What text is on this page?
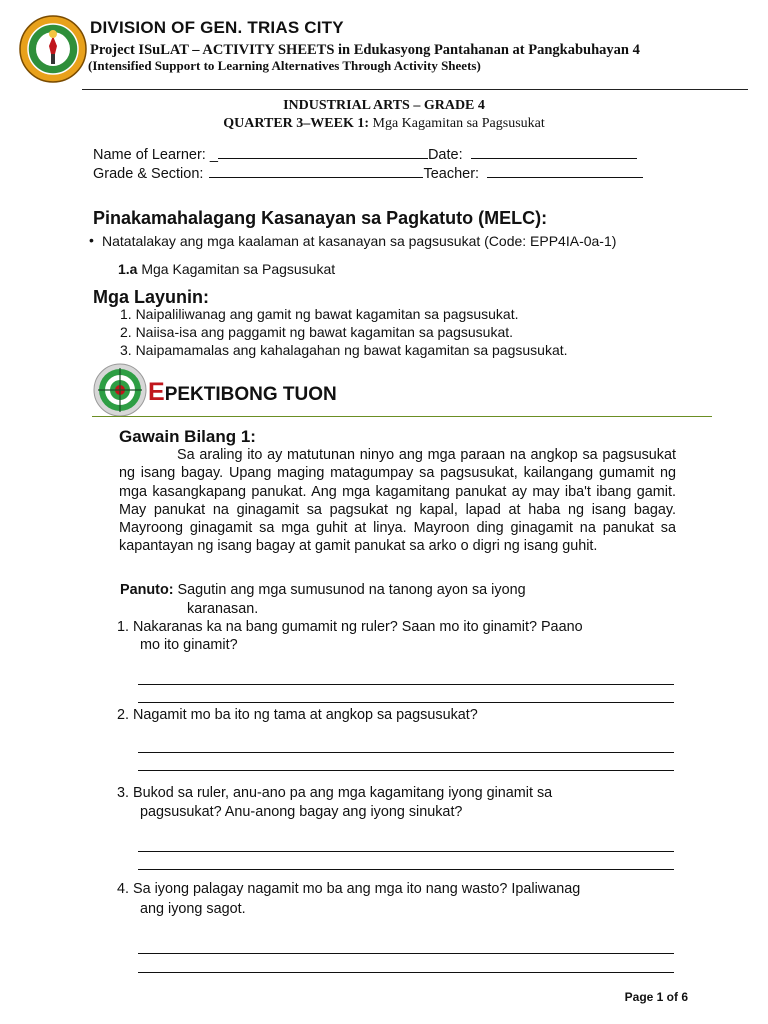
DIVISION OF GEN. TRIAS CITY
Project ISuLAT – ACTIVITY SHEETS in Edukasyong Pantahanan at Pangkabuhayan 4
(Intensified Support to Learning Alternatives Through Activity Sheets)
INDUSTRIAL ARTS – GRADE 4
QUARTER 3–WEEK 1: Mga Kagamitan sa Pagsusukat
Name of Learner: _	Date:
Grade & Section:	Teacher:
Pinakamahalagang Kasanayan sa Pagkatuto (MELC):
• Natatalakay ang mga kaalaman at kasanayan sa pagsusukat (Code: EPP4IA-0a-1)
1.a Mga Kagamitan sa Pagsusukat
Mga Layunin:
1. Naipaliliwanag ang gamit ng bawat kagamitan sa pagsusukat.
2. Naiisa-isa ang paggamit ng bawat kagamitan sa pagsusukat.
3. Naipamamalas ang kahalagahan ng bawat kagamitan sa pagsusukat.
EPEKTIBONG TUON
Gawain Bilang 1:
Sa araling ito ay matutunan ninyo ang mga paraan na angkop sa pagsusukat ng isang bagay. Upang maging matagumpay sa pagsusukat, kailangang gumamit ng mga kasangkapang panukat. Ang mga kagamitang panukat ay may iba't ibang gamit. May panukat na ginagamit sa pagsukat ng kapal, lapad at haba ng isang bagay. Mayroong ginagamit sa mga guhit at linya. Mayroon ding ginagamit na panukat sa kapantayan ng isang bagay at gamit panukat sa arko o digri ng isang guhit.
Panuto: Sagutin ang mga sumusunod na tanong ayon sa iyong
karanasan.
1. Nakaranas ka na bang gumamit ng ruler? Saan mo ito ginamit? Paano
mo ito ginamit?
2. Nagamit mo ba ito ng tama at angkop sa pagsusukat?
3. Bukod sa ruler, anu-ano pa ang mga kagamitang iyong ginamit sa
pagsusukat? Anu-anong bagay ang iyong sinukat?
4. Sa iyong palagay nagamit mo ba ang mga ito nang wasto? Ipaliwanag
ang iyong sagot.
Page 1 of 6
